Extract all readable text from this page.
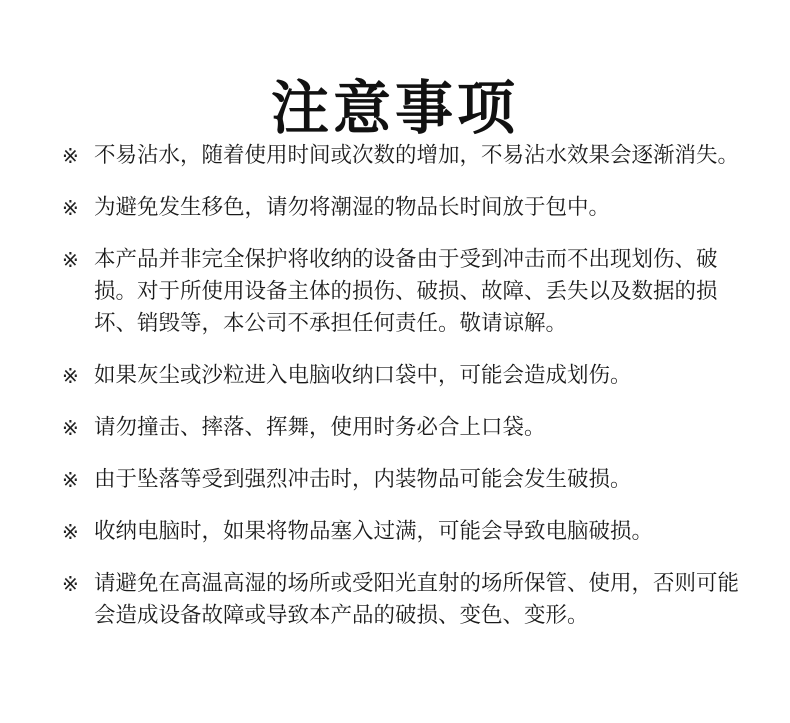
注意事项
※ 不易沾水，随着使用时间或次数的增加，不易沾水效果会逐渐消失。
※ 为避免发生移色，请勿将潮湿的物品长时间放于包中。
※ 本产品并非完全保护将收纳的设备由于受到冲击而不出现划伤、破损。对于所使用设备主体的损伤、破损、故障、丢失以及数据的损坏、销毁等，本公司不承担任何责任。敬请谅解。
※ 如果灰尘或沙粒进入电脑收纳口袋中，可能会造成划伤。
※ 请勿撞击、摔落、挥舞，使用时务必合上口袋。
※ 由于坠落等受到强烈冲击时，内装物品可能会发生破损。
※ 收纳电脑时，如果将物品塞入过满，可能会导致电脑破损。
※ 请避免在高温高湿的场所或受阳光直射的场所保管、使用，否则可能会造成设备故障或导致本产品的破损、变色、变形。
